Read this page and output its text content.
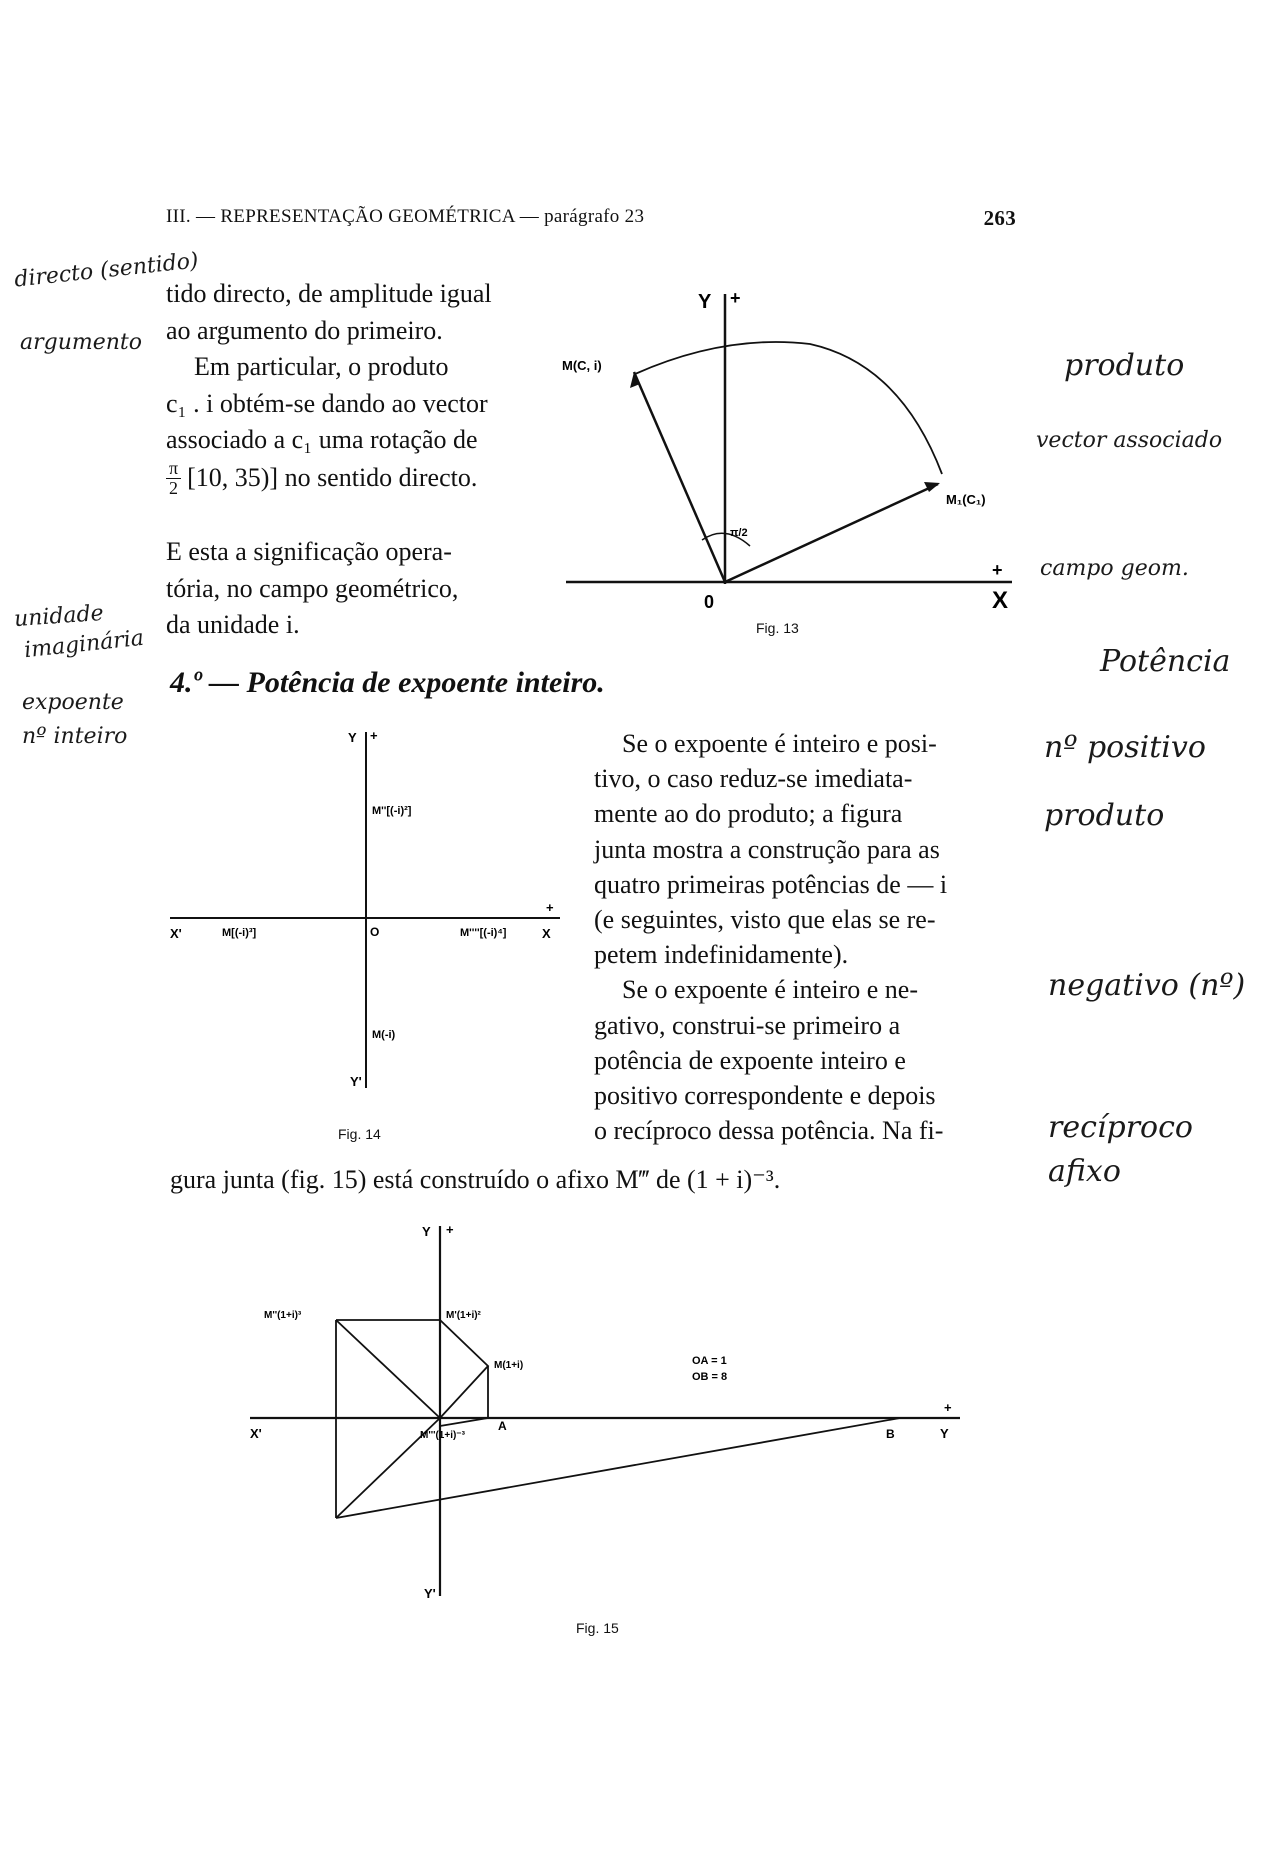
III. — REPRESENTAÇÃO GEOMÉTRICA — parágrafo 23	263

tido directo, de amplitude igual

ao argumento do primeiro.

Em particular, o produto

c₁ . i obtém-se dando ao vector

associado a c₁ uma rotação de

$\frac{\pi}{2} [10$, 35)] no sentido directo.

E esta a significação opera-

tória, no campo geométrico,

da unidade i.

4.º — Potência de expoente inteiro.

Se o expoente é inteiro e posi-

tivo, o caso reduz-se imediata-

mente ao do produto; a figura

junta mostra a construção para as

quatro primeiras potências de — i

(e seguintes, visto que elas se re-

petem indefinidamente).

Se o expoente é inteiro e ne-

gativo, construi-se primeiro a

potência de expoente inteiro e

positivo correspondente e depois

o recíproco dessa potência. Na fi-

gura junta (fig. 15) está construído o afixo M‴ de (1 + i)⁻³.
Y +
X
+
0
M(C, i)
M₁(C₁)
π/2
Fig. 13
Y +
Y'
X'	X
+
O
M''[(-i)²]
M[(-i)³]	M''''[(-i)⁴]
M(-i)
Fig. 14
Y +
Y'
X'	Y
+
M(1+i)
M'(1+i)²
M''(1+i)³
M'''(1+i)⁻³
A
B
OA = 1
OB = 8
Fig. 15
directo (sentido)
argumento
unidade
imaginária
expoente
nº inteiro
produto
vector associado
campo geom.
Potência
nº positivo
produto
negativo (nº)
recíproco
afixo
